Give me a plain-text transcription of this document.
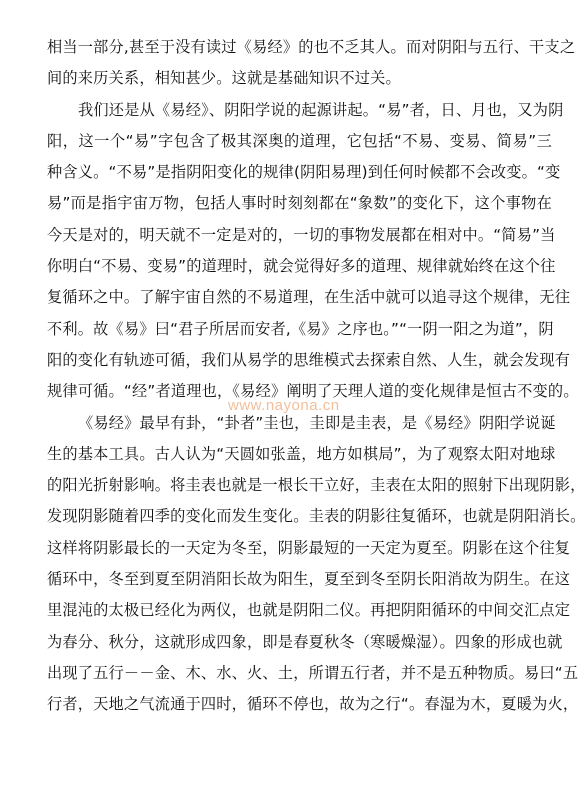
相当一部分,甚至于没有读过《易经》的也不乏其人。而对阴阳与五行、干支之
间的来历关系，相知甚少。这就是基础知识不过关。
我们还是从《易经》、阴阳学说的起源讲起。“易”者，日、月也，又为阴
阳，这一个“易”字包含了极其深奥的道理，它包括“不易、变易、简易”三
种含义。“不易”是指阴阳变化的规律(阴阳易理)到任何时候都不会改变。“变
易”而是指宇宙万物，包括人事时时刻刻都在“象数”的变化下，这个事物在
今天是对的，明天就不一定是对的，一切的事物发展都在相对中。“简易”当
你明白“不易、变易”的道理时，就会觉得好多的道理、规律就始终在这个往
复循环之中。了解宇宙自然的不易道理，在生活中就可以追寻这个规律，无往
不利。故《易》曰“君子所居而安者,《易》之序也。”“一阴一阳之为道”，阴
阳的变化有轨迹可循，我们从易学的思维模式去探索自然、人生，就会发现有
规律可循。“经”者道理也，《易经》阐明了天理人道的变化规律是恒古不变的。
《易经》最早有卦，“卦者”圭也，圭即是圭表，是《易经》阴阳学说诞
生的基本工具。古人认为“天圆如张盖，地方如棋局”，为了观察太阳对地球
的阳光折射影响。将圭表也就是一根长干立好，圭表在太阳的照射下出现阴影，
发现阴影随着四季的变化而发生变化。圭表的阴影往复循环，也就是阴阳消长。
这样将阴影最长的一天定为冬至，阴影最短的一天定为夏至。阴影在这个往复
循环中，冬至到夏至阴消阳长故为阳生，夏至到冬至阴长阳消故为阴生。在这
里混沌的太极已经化为两仪，也就是阴阳二仪。再把阴阳循环的中间交汇点定
为春分、秋分，这就形成四象，即是春夏秋冬（寒暖燥湿）。四象的形成也就
出现了五行－－金、木、水、火、土，所谓五行者，并不是五种物质。易曰“五
行者，天地之气流通于四时，循环不停也，故为之行“。春湿为木，夏暖为火，
www.nayona.cn
